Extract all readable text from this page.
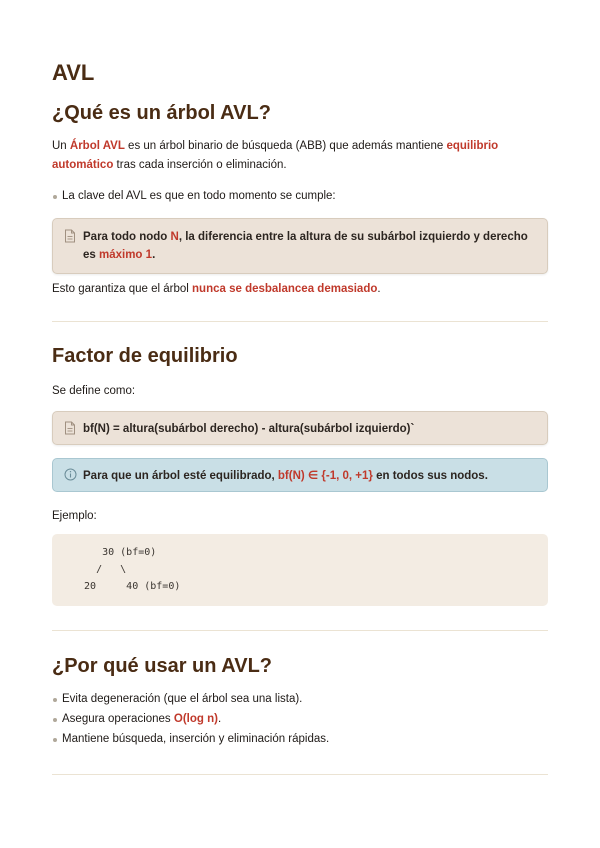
AVL
¿Qué es un árbol AVL?

Un Árbol AVL es un árbol binario de búsqueda (ABB) que además mantiene equilibrio automático tras cada inserción o eliminación.

La clave del AVL es que en todo momento se cumple:
Para todo nodo N, la diferencia entre la altura de su subárbol izquierdo y derecho es máximo 1.

Esto garantiza que el árbol nunca se desbalancea demasiado.

Factor de equilibrio

Se define como:

bf(N) = altura(subárbol derecho) - altura(subárbol izquierdo)`
Para que un árbol esté equilibrado, bf(N) ∈ {-1, 0, +1} en todos sus nodos.

Ejemplo:

30 (bf=0)
/   \
20     40 (bf=0)
¿Por qué usar un AVL?
Evita degeneración (que el árbol sea una lista).
Asegura operaciones O(log n).
Mantiene búsqueda, inserción y eliminación rápidas.
